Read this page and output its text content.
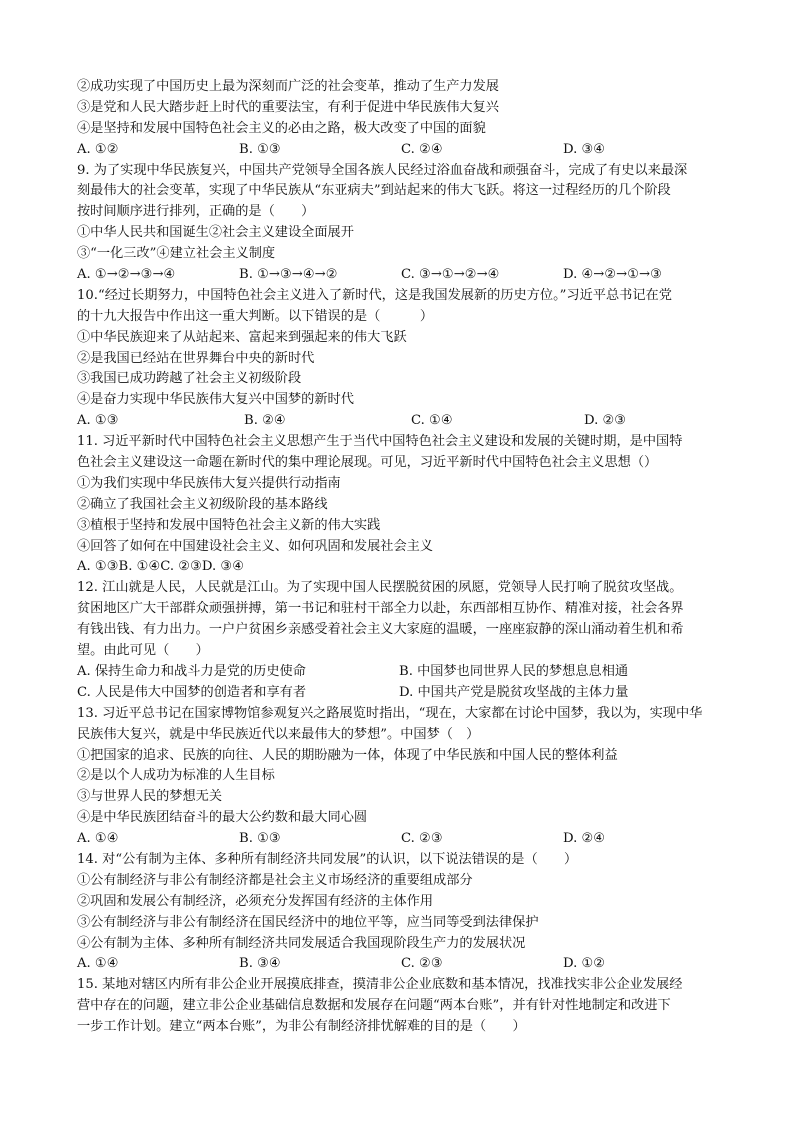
②成功实现了中国历史上最为深刻而广泛的社会变革，推动了生产力发展
③是党和人民大踏步赶上时代的重要法宝，有利于促进中华民族伟大复兴
④是坚持和发展中国特色社会主义的必由之路，极大改变了中国的面貌
A. ①②	B. ①③	C. ②④	D. ③④
9. 为了实现中华民族复兴，中国共产党领导全国各族人民经过浴血奋战和顽强奋斗，完成了有史以来最深
刻最伟大的社会变革，实现了中华民族从“东亚病夫”到站起来的伟大飞跃。将这一过程经历的几个阶段
按时间顺序进行排列，正确的是（　　）
①中华人民共和国诞生②社会主义建设全面展开
③“一化三改”④建立社会主义制度
A. ①→②→③→④	B. ①→③→④→②	C. ③→①→②→④	D. ④→②→①→③
10.“经过长期努力，中国特色社会主义进入了新时代，这是我国发展新的历史方位。”习近平总书记在党
的十九大报告中作出这一重大判断。以下错误的是（　　　）
①中华民族迎来了从站起来、富起来到强起来的伟大飞跃
②是我国已经站在世界舞台中央的新时代
③我国已成功跨越了社会主义初级阶段
④是奋力实现中华民族伟大复兴中国梦的新时代
A. ①③	B. ②④	C. ①④	D. ②③
11. 习近平新时代中国特色社会主义思想产生于当代中国特色社会主义建设和发展的关键时期，是中国特
色社会主义建设这一命题在新时代的集中理论展现。可见，习近平新时代中国特色社会主义思想（）
①为我们实现中华民族伟大复兴提供行动指南
②确立了我国社会主义初级阶段的基本路线
③植根于坚持和发展中国特色社会主义新的伟大实践
④回答了如何在中国建设社会主义、如何巩固和发展社会主义
A. ①③B. ①④C. ②③D. ③④
12. 江山就是人民，人民就是江山。为了实现中国人民摆脱贫困的夙愿，党领导人民打响了脱贫攻坚战。
贫困地区广大干部群众顽强拼搏，第一书记和驻村干部全力以赴，东西部相互协作、精准对接，社会各界
有钱出钱、有力出力。一户户贫困乡亲感受着社会主义大家庭的温暖，一座座寂静的深山涌动着生机和希
望。由此可见（　　）
A. 保持生命力和战斗力是党的历史使命	B. 中国梦也同世界人民的梦想息息相通
C. 人民是伟大中国梦的创造者和享有者	D. 中国共产党是脱贫攻坚战的主体力量
13. 习近平总书记在国家博物馆参观复兴之路展览时指出，“现在，大家都在讨论中国梦，我以为，实现中华
民族伟大复兴，就是中华民族近代以来最伟大的梦想”。中国梦（　）
①把国家的追求、民族的向往、人民的期盼融为一体，体现了中华民族和中国人民的整体利益
②是以个人成功为标准的人生目标
③与世界人民的梦想无关
④是中华民族团结奋斗的最大公约数和最大同心圆
A. ①④	B. ①③	C. ②③	D. ②④
14. 对“公有制为主体、多种所有制经济共同发展”的认识，以下说法错误的是（　　）
①公有制经济与非公有制经济都是社会主义市场经济的重要组成部分
②巩固和发展公有制经济，必须充分发挥国有经济的主体作用
③公有制经济与非公有制经济在国民经济中的地位平等，应当同等受到法律保护
④公有制为主体、多种所有制经济共同发展适合我国现阶段生产力的发展状况
A. ①④	B. ③④	C. ②③	D. ①②
15. 某地对辖区内所有非公企业开展摸底排查，摸清非公企业底数和基本情况，找准找实非公企业发展经
营中存在的问题，建立非公企业基础信息数据和发展存在问题“两本台账”，并有针对性地制定和改进下
一步工作计划。建立“两本台账”，为非公有制经济排忧解难的目的是（　　）
